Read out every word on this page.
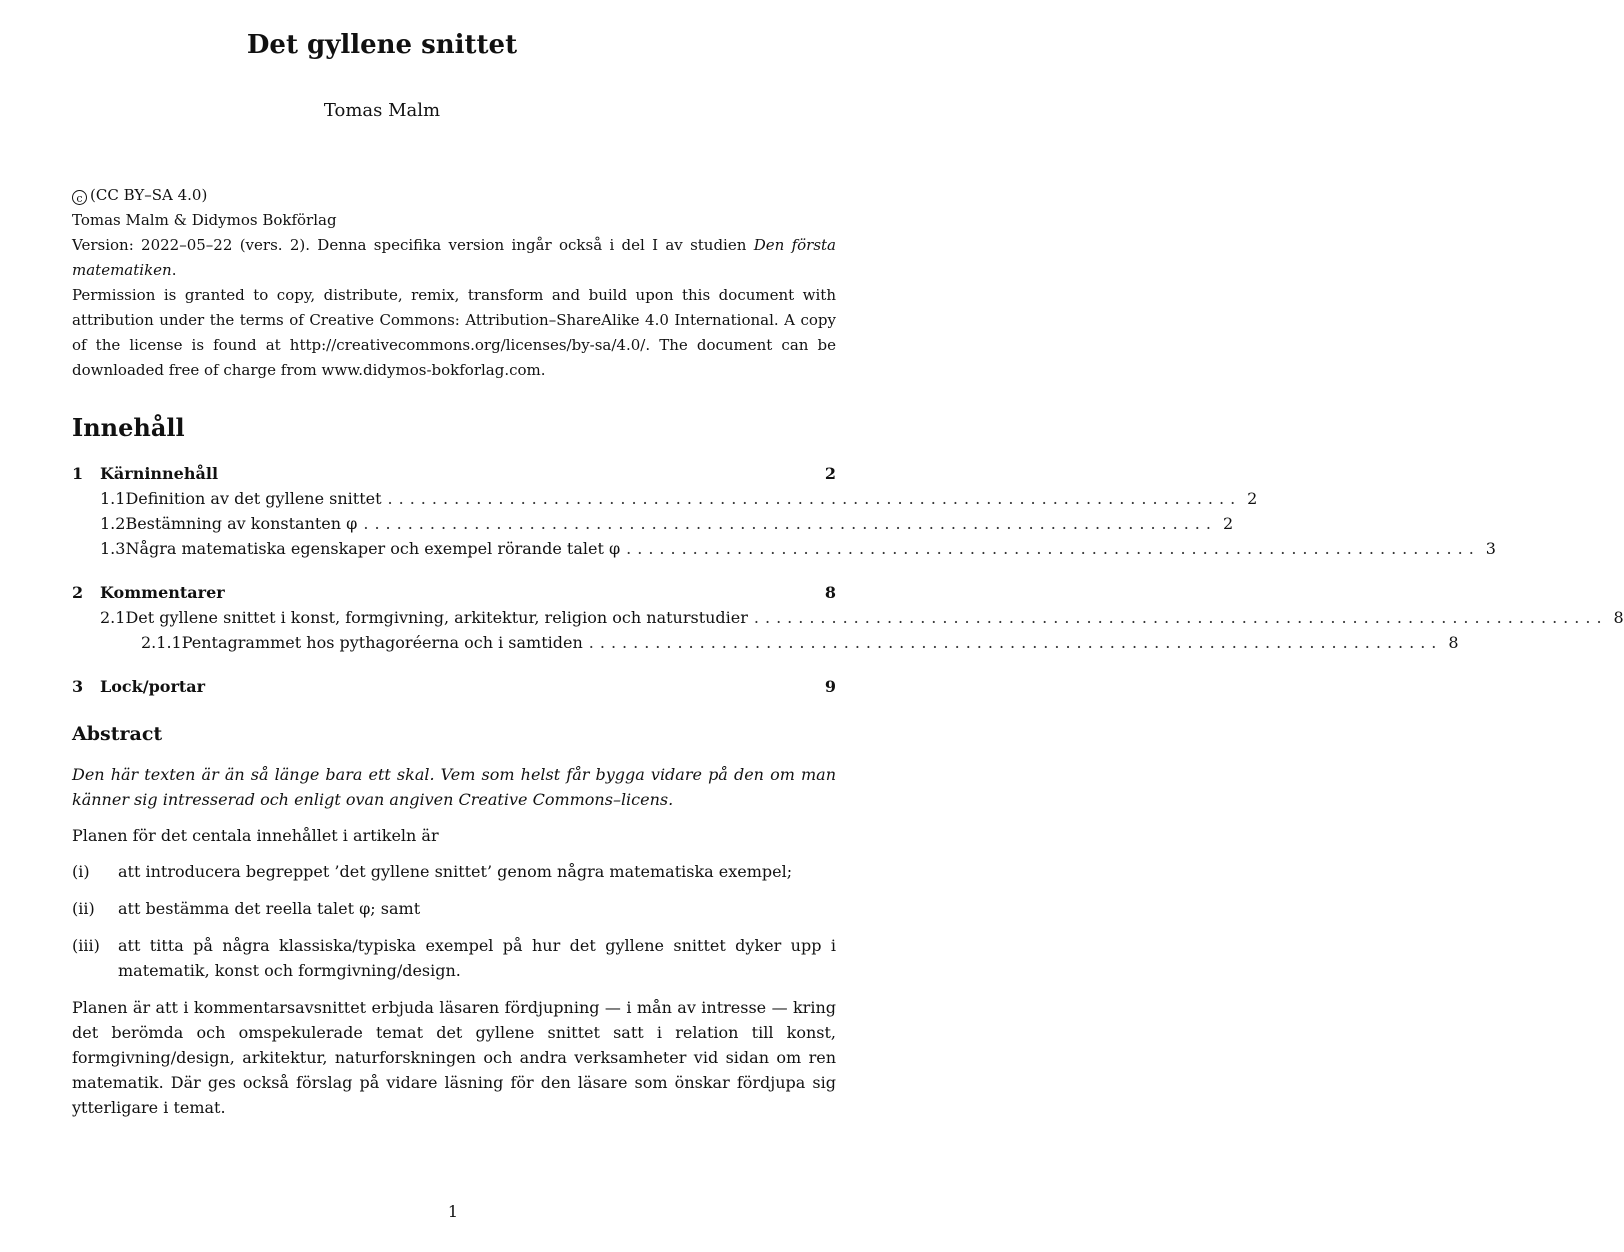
Det gyllene snittet
Tomas Malm

c (CC BY–SA 4.0)

Tomas Malm & Didymos Bokförlag

Version: 2022–05–22 (vers. 2). Denna specifika version ingår också i del I av studien Den första matematiken.

Permission is granted to copy, distribute, remix, transform and build upon this document with attribution under the terms of Creative Commons: Attribution–ShareAlike 4.0 International. A copy of the license is found at http://creativecommons.org/licenses/by-sa/4.0/. The document can be downloaded free of charge from www.didymos-bokforlag.com.

Innehåll
1	Kärninnehåll	2
1.1 Definition av det gyllene snittet ............................................................................. 2
1.2 Bestämning av konstanten φ ............................................................................. 2
1.3 Några matematiska egenskaper och exempel rörande talet φ ............................................................................. 3
2	Kommentarer	8
2.1 Det gyllene snittet i konst, formgivning, arkitektur, religion och naturstudier ............................................................................. 8
2.1.1 Pentagrammet hos pythagoréerna och i samtiden ............................................................................. 8
3	Lock/portar	9
Abstract
Den här texten är än så länge bara ett skal. Vem som helst får bygga vidare på den om man känner sig intresserad och enligt ovan angiven Creative Commons–licens.
Planen för det centala innehållet i artikeln är
(i) att introducera begreppet ’det gyllene snittet’ genom några matematiska exempel;
(ii) att bestämma det reella talet φ; samt
(iii) att titta på några klassiska/typiska exempel på hur det gyllene snittet dyker upp i matematik, konst och formgivning/design.
Planen är att i kommentarsavsnittet erbjuda läsaren fördjupning — i mån av intresse — kring det berömda och omspekulerade temat det gyllene snittet satt i relation till konst, formgivning/design, arkitektur, naturforskningen och andra verksamheter vid sidan om ren matematik. Där ges också förslag på vidare läsning för den läsare som önskar fördjupa sig ytterligare i temat.
1
